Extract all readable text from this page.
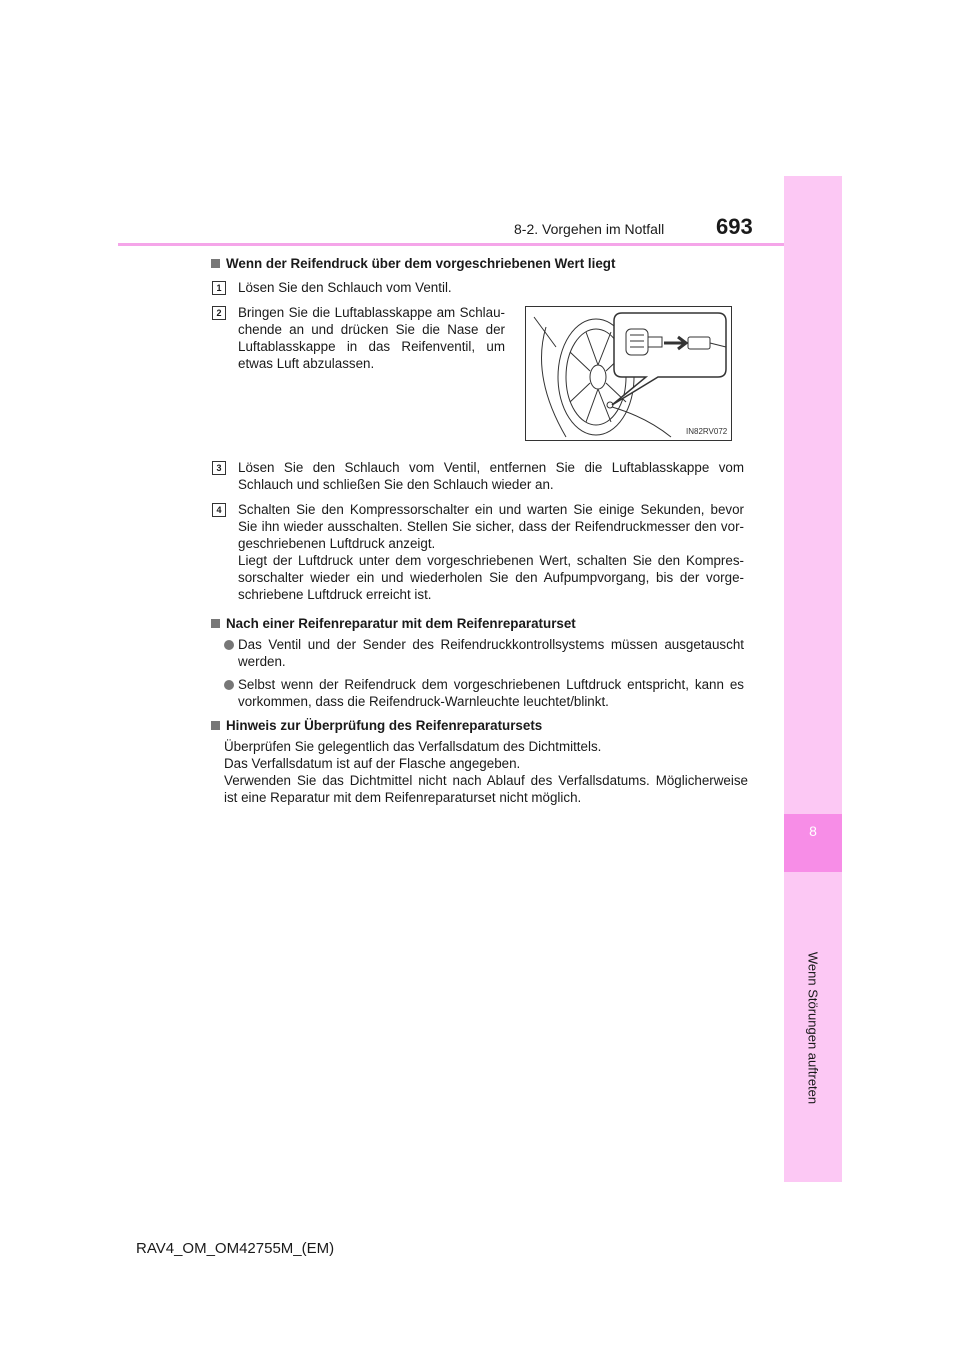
8
Wenn Störungen auftreten
8-2. Vorgehen im Notfall 693
Wenn der Reifendruck über dem vorgeschriebenen Wert liegt
1	Lösen Sie den Schlauch vom Ventil.
2	Bringen Sie die Luftablasskappe am Schlau-
chende an und drücken Sie die Nase der
Luftablasskappe in das Reifenventil, um
etwas Luft abzulassen.
IN82RV072
3	Lösen Sie den Schlauch vom Ventil, entfernen Sie die Luftablasskappe vom
Schlauch und schließen Sie den Schlauch wieder an.
4	Schalten Sie den Kompressorschalter ein und warten Sie einige Sekunden, bevor
Sie ihn wieder ausschalten. Stellen Sie sicher, dass der Reifendruckmesser den vor-
geschriebenen Luftdruck anzeigt.
Liegt der Luftdruck unter dem vorgeschriebenen Wert, schalten Sie den Kompres-
sorschalter wieder ein und wiederholen Sie den Aufpumpvorgang, bis der vorge-
schriebene Luftdruck erreicht ist.
Nach einer Reifenreparatur mit dem Reifenreparaturset
Das Ventil und der Sender des Reifendruckkontrollsystems müssen ausgetauscht
werden.
Selbst wenn der Reifendruck dem vorgeschriebenen Luftdruck entspricht, kann es
vorkommen, dass die Reifendruck-Warnleuchte leuchtet/blinkt.
Hinweis zur Überprüfung des Reifenreparatursets
Überprüfen Sie gelegentlich das Verfallsdatum des Dichtmittels.
Das Verfallsdatum ist auf der Flasche angegeben.
Verwenden Sie das Dichtmittel nicht nach Ablauf des Verfallsdatums. Möglicherweise
ist eine Reparatur mit dem Reifenreparaturset nicht möglich.
RAV4_OM_OM42755M_(EM)
